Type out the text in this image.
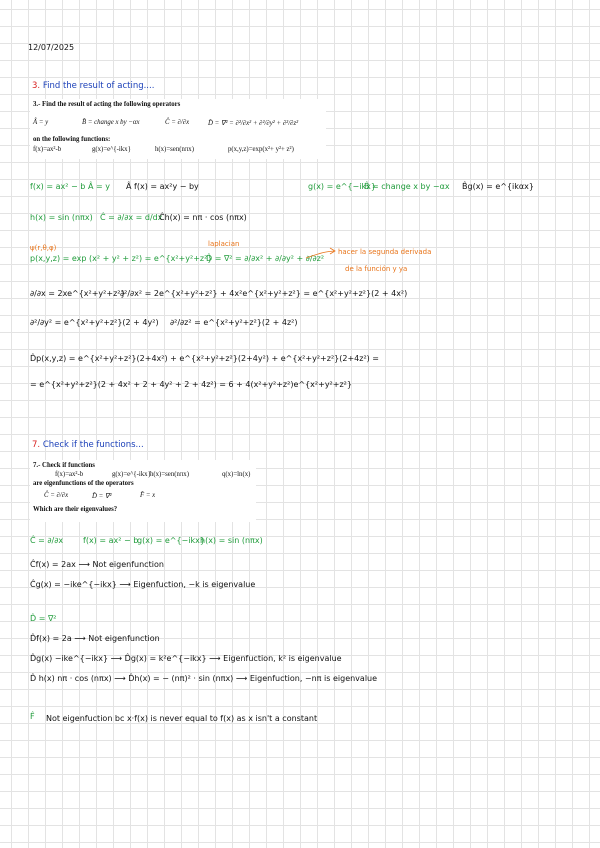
12/07/2025
3. Find the result of acting....
3.- Find the result of acting the following operators
Â = y	B̂ = change x by −αx	Ĉ = ∂/∂x	D̂ = ∇² = ∂²/∂x² + ∂²/∂y² + ∂²/∂z²
on the following functions:
f(x)=ax²-b	g(x)=e^{-ikx}	h(x)=sen(nπx)	p(x,y,z)=exp(x²+ y²+ z²)
f(x) = ax² − b Â = y Â f(x) = ax²y − by	g(x) = e^{−ikx}
B̂ = change x by −αx B̂g(x) = e^{ikαx}
h(x) = sin (nπx) Ĉ = ∂/∂x = d/dx
Ĉh(x) = nπ · cos (nπx)
ψ(r,θ,φ)
p(x,y,z) = exp (x² + y² + z²) = e^{x²+y²+z²}
laplacian
D̂ = ∇² = ∂/∂x² + ∂/∂y² + ∂/∂z²
hacer la segunda derivada
de la función y ya
∂/∂x = 2xe^{x²+y²+z²}
∂²/∂x² = 2e^{x²+y²+z²} + 4x²e^{x²+y²+z²} = e^{x²+y²+z²}(2 + 4x²)
∂²/∂y² = e^{x²+y²+z²}(2 + 4y²) ∂²/∂z² = e^{x²+y²+z²}(2 + 4z²)
D̂p(x,y,z) = e^{x²+y²+z²}(2+4x²) + e^{x²+y²+z²}(2+4y²) + e^{x²+y²+z²}(2+4z²) =
= e^{x²+y²+z²}(2 + 4x² + 2 + 4y² + 2 + 4z²) = 6 + 4(x²+y²+z²)e^{x²+y²+z²}
7. Check if the functions...
7.- Check if functions
f(x)=ax²-b	g(x)=e^{-ikx} h(x)=sen(nπx)	q(x)=ln(x)
are eigenfunctions of the operators
Ĉ = ∂/∂x	D̂ = ∇²	F̂ = x
Which are their eigenvalues?
Ĉ = ∂/∂x f(x) = ax² − b
g(x) = e^{−ikx}
h(x) = sin (nπx)
Ĉf(x) = 2ax ⟶ Not eigenfunction
Ĉg(x) = −ike^{−ikx} ⟶ Eigenfuction, −k is eigenvalue
D̂ = ∇²
D̂f(x) = 2a ⟶ Not eigenfunction
D̂g(x) −ike^{−ikx} ⟶ D̂g(x) = k²e^{−ikx} ⟶ Eigenfuction, k² is eigenvalue
D̂ h(x) nπ · cos (nπx) ⟶ D̂h(x) = − (nπ)² · sin (nπx) ⟶ Eigenfuction, −nπ is eigenvalue
F̂ Not eigenfuction bc x·f(x) is never equal to f(x) as x isn't a constant
